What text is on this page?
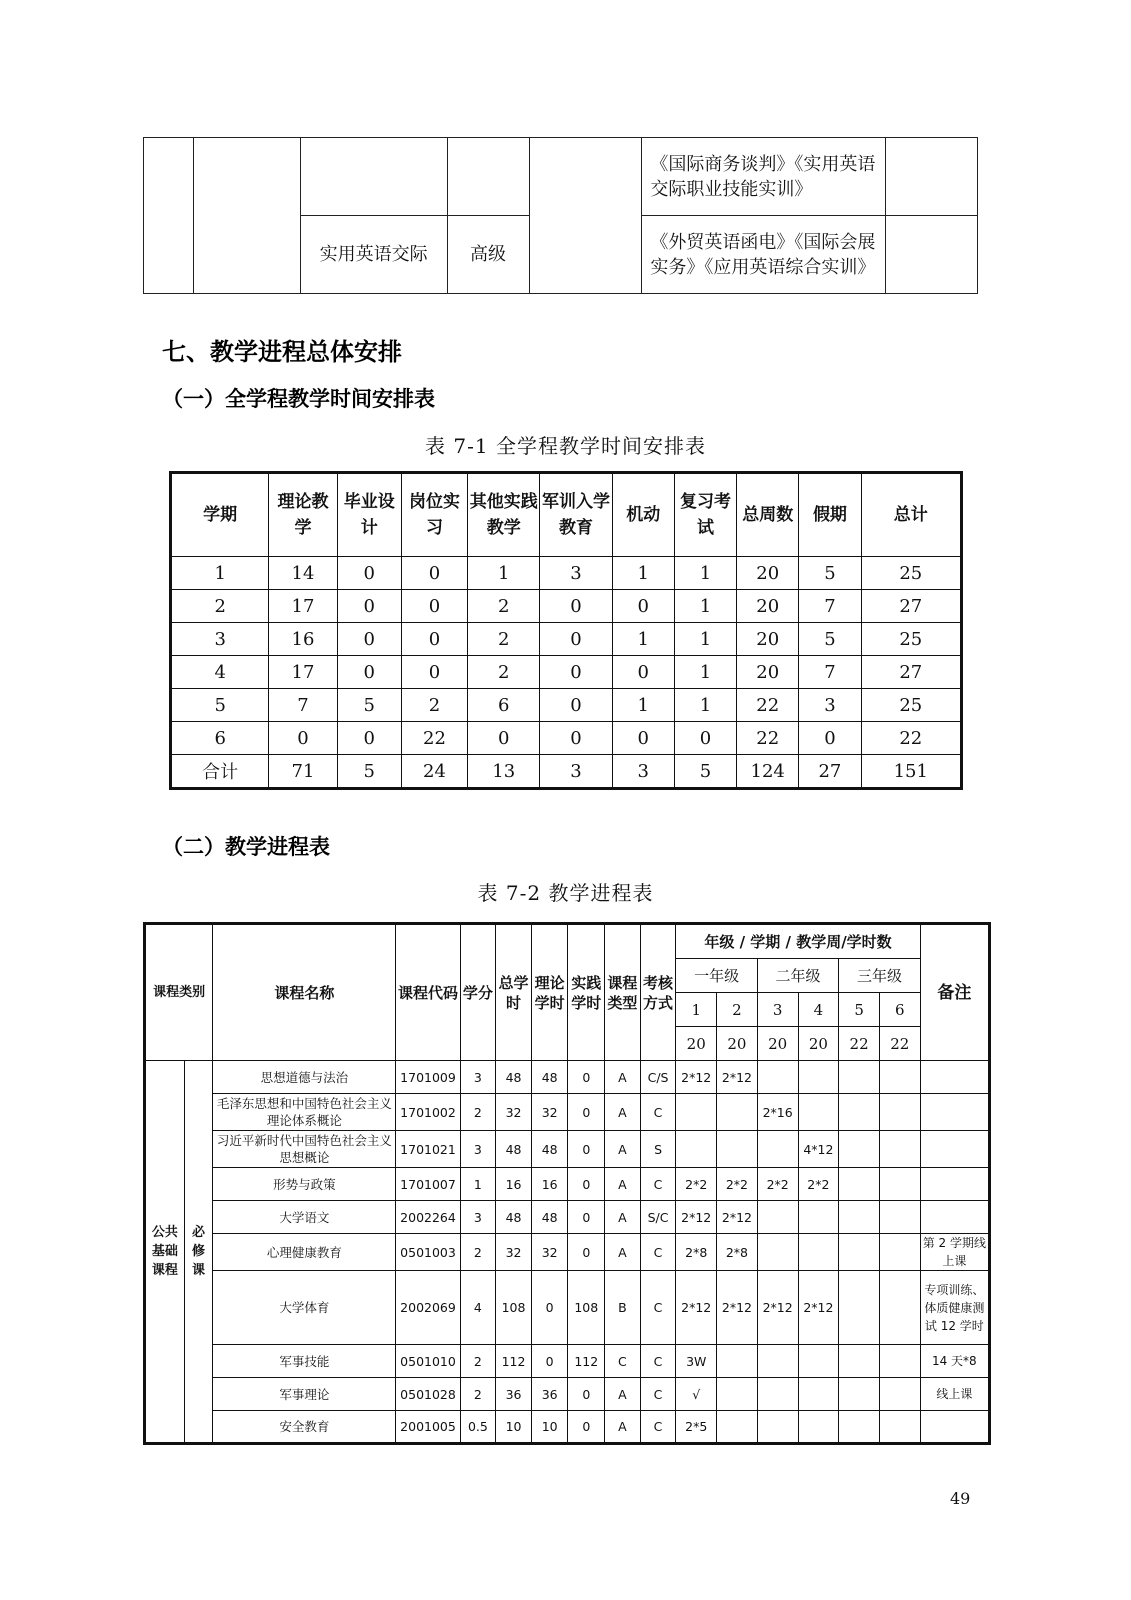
					《国际商务谈判》《实用英语交际职业技能实训》	
		实用英语交际	高级		《外贸英语函电》《国际会展实务》《应用英语综合实训》	
七、教学进程总体安排
（一）全学程教学时间安排表
表 7-1 全学程教学时间安排表
学期	理论教学	毕业设计	岗位实习	其他实践教学	军训入学教育	机动	复习考试	总周数	假期	总计
1	14	0	0	1	3	1	1	20	5	25
2	17	0	0	2	0	0	1	20	7	27
3	16	0	0	2	0	1	1	20	5	25
4	17	0	0	2	0	0	1	20	7	27
5	7	5	2	6	0	1	1	22	3	25
6	0	0	22	0	0	0	0	22	0	22
合计	71	5	24	13	3	3	5	124	27	151
（二）教学进程表
表 7-2 教学进程表
课程类别		课程名称	课程代码	学分	总学时	理论学时	实践学时	课程类型	考核方式	年级 / 学期 / 教学周/学时数						备注
										一年级		二年级		三年级		
										1	2	3	4	5	6	
										20	20	20	20	22	22	
公共基础课程	必修课	思想道德与法治	1701009	3	48	48	0	A	C/S	2*12	2*12					
		毛泽东思想和中国特色社会主义理论体系概论	1701002	2	32	32	0	A	C			2*16				
		习近平新时代中国特色社会主义思想概论	1701021	3	48	48	0	A	S				4*12			
		形势与政策	1701007	1	16	16	0	A	C	2*2	2*2	2*2	2*2			
		大学语文	2002264	3	48	48	0	A	S/C	2*12	2*12					
		心理健康教育	0501003	2	32	32	0	A	C	2*8	2*8					第 2 学期线上课
		大学体育	2002069	4	108	0	108	B	C	2*12	2*12	2*12	2*12			专项训练、体质健康测试 12 学时
		军事技能	0501010	2	112	0	112	C	C	3W						14 天*8
		军事理论	0501028	2	36	36	0	A	C	√						线上课
		安全教育	2001005	0.5	10	10	0	A	C	2*5						
49
